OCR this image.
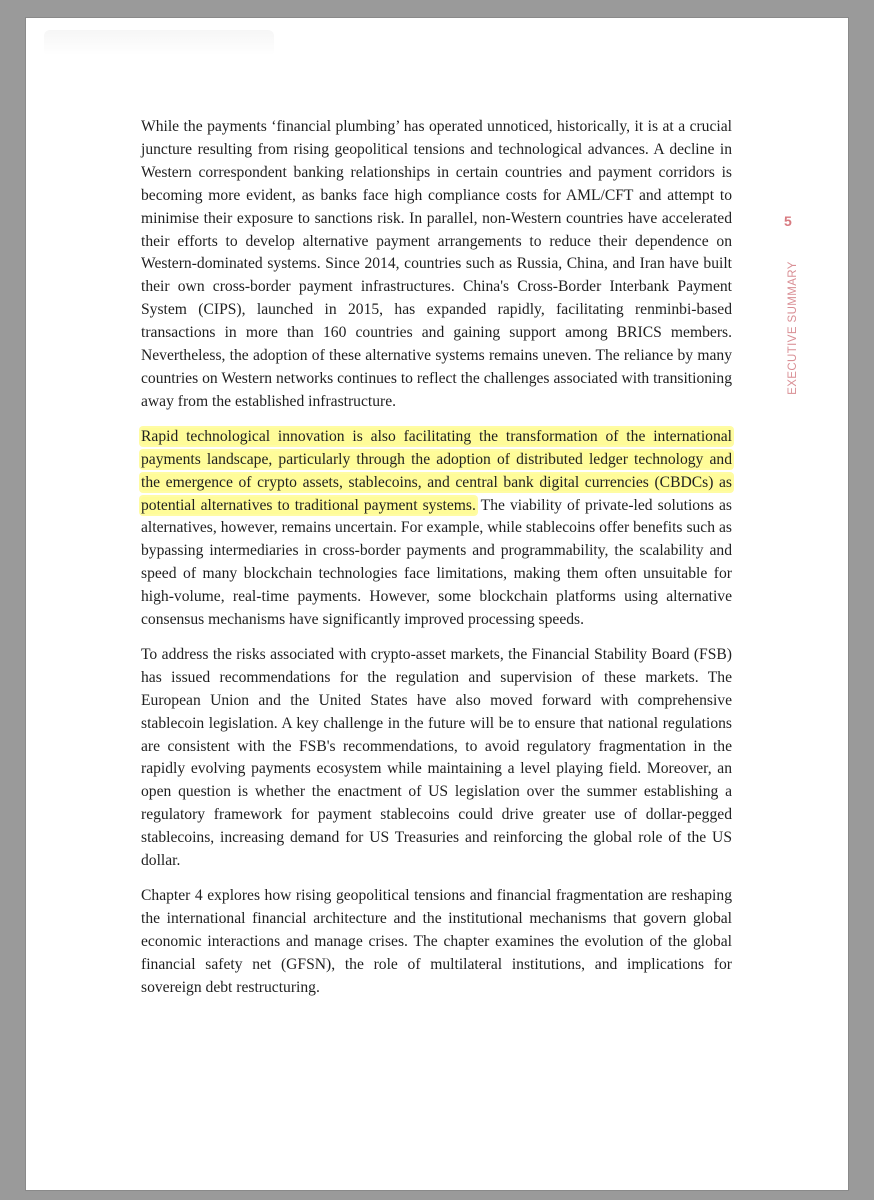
While the payments ‘financial plumbing’ has operated unnoticed, historically, it is at a crucial juncture resulting from rising geopolitical tensions and technological advances. A decline in Western correspondent banking relationships in certain countries and payment corridors is becoming more evident, as banks face high compliance costs for AML/CFT and attempt to minimise their exposure to sanctions risk. In parallel, non-Western countries have accelerated their efforts to develop alternative payment arrangements to reduce their dependence on Western-dominated systems. Since 2014, countries such as Russia, China, and Iran have built their own cross-border payment infrastructures. China's Cross-Border Interbank Payment System (CIPS), launched in 2015, has expanded rapidly, facilitating renminbi-based transactions in more than 160 countries and gaining support among BRICS members. Nevertheless, the adoption of these alternative systems remains uneven. The reliance by many countries on Western networks continues to reflect the challenges associated with transitioning away from the established infrastructure.

Rapid technological innovation is also facilitating the transformation of the international payments landscape, particularly through the adoption of distributed ledger technology and the emergence of crypto assets, stablecoins, and central bank digital currencies (CBDCs) as potential alternatives to traditional payment systems. The viability of private-led solutions as alternatives, however, remains uncertain. For example, while stablecoins offer benefits such as bypassing intermediaries in cross-border payments and programmability, the scalability and speed of many blockchain technologies face limitations, making them often unsuitable for high-volume, real-time payments. However, some blockchain platforms using alternative consensus mechanisms have significantly improved processing speeds.

To address the risks associated with crypto-asset markets, the Financial Stability Board (FSB) has issued recommendations for the regulation and supervision of these markets. The European Union and the United States have also moved forward with comprehensive stablecoin legislation. A key challenge in the future will be to ensure that national regulations are consistent with the FSB's recommendations, to avoid regulatory fragmentation in the rapidly evolving payments ecosystem while maintaining a level playing field. Moreover, an open question is whether the enactment of US legislation over the summer establishing a regulatory framework for payment stablecoins could drive greater use of dollar-pegged stablecoins, increasing demand for US Treasuries and reinforcing the global role of the US dollar.

Chapter 4 explores how rising geopolitical tensions and financial fragmentation are reshaping the international financial architecture and the institutional mechanisms that govern global economic interactions and manage crises. The chapter examines the evolution of the global financial safety net (GFSN), the role of multilateral institutions, and implications for sovereign debt restructuring.

5
EXECUTIVE SUMMARY
